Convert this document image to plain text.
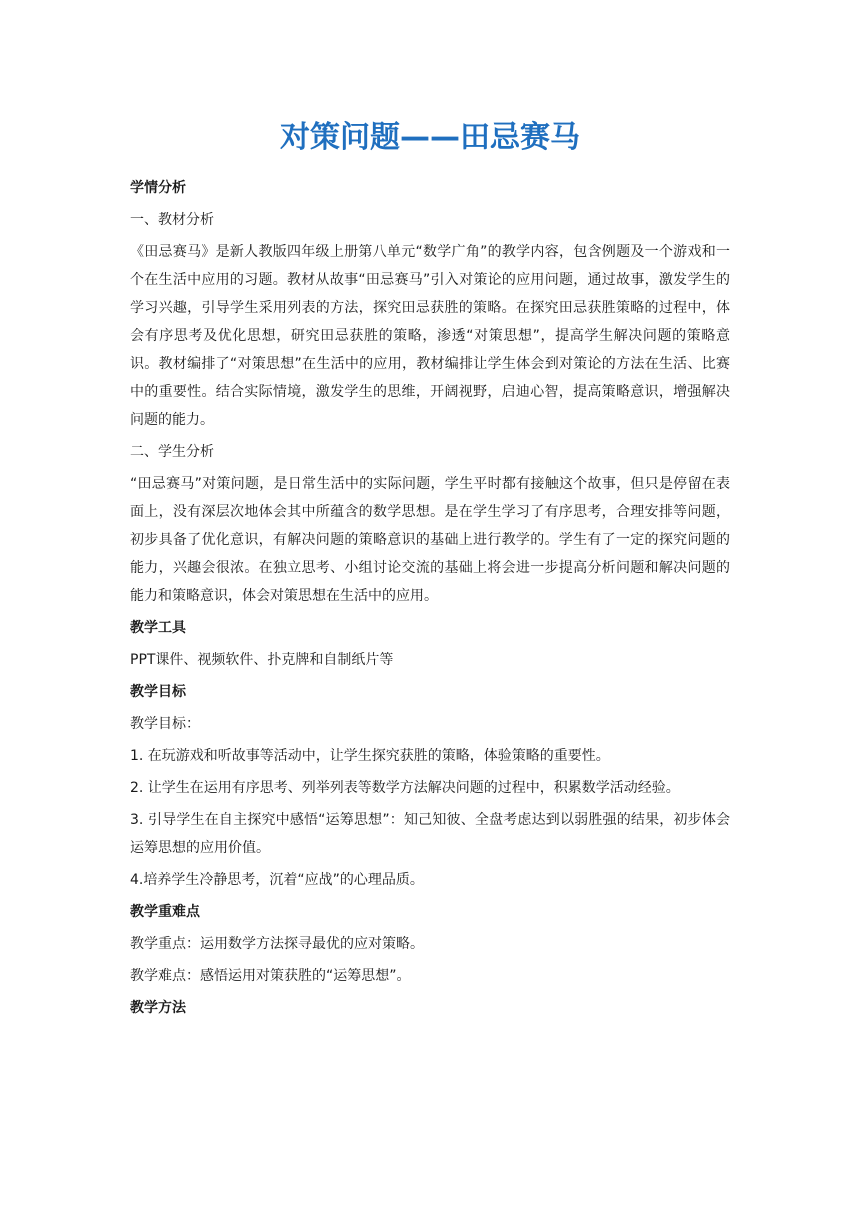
对策问题——田忌赛马
学情分析
一、教材分析
《田忌赛马》是新人教版四年级上册第八单元“数学广角”的教学内容，包含例题及一个游戏和一个在生活中应用的习题。教材从故事“田忌赛马”引入对策论的应用问题，通过故事，激发学生的学习兴趣，引导学生采用列表的方法，探究田忌获胜的策略。在探究田忌获胜策略的过程中，体会有序思考及优化思想，研究田忌获胜的策略，渗透“对策思想”，提高学生解决问题的策略意识。教材编排了“对策思想”在生活中的应用，教材编排让学生体会到对策论的方法在生活、比赛中的重要性。结合实际情境，激发学生的思维，开阔视野，启迪心智，提高策略意识，增强解决问题的能力。
二、学生分析
“田忌赛马”对策问题，是日常生活中的实际问题，学生平时都有接触这个故事，但只是停留在表面上，没有深层次地体会其中所蕴含的数学思想。是在学生学习了有序思考，合理安排等问题，初步具备了优化意识，有解决问题的策略意识的基础上进行教学的。学生有了一定的探究问题的能力，兴趣会很浓。在独立思考、小组讨论交流的基础上将会进一步提高分析问题和解决问题的能力和策略意识，体会对策思想在生活中的应用。
教学工具
PPT课件、视频软件、扑克牌和自制纸片等
教学目标
教学目标：
1. 在玩游戏和听故事等活动中，让学生探究获胜的策略，体验策略的重要性。
2. 让学生在运用有序思考、列举列表等数学方法解决问题的过程中，积累数学活动经验。
3. 引导学生在自主探究中感悟“运筹思想”：知己知彼、全盘考虑达到以弱胜强的结果，初步体会运筹思想的应用价值。
4.培养学生冷静思考，沉着“应战”的心理品质。
教学重难点
教学重点：运用数学方法探寻最优的应对策略。
教学难点：感悟运用对策获胜的“运筹思想”。
教学方法
